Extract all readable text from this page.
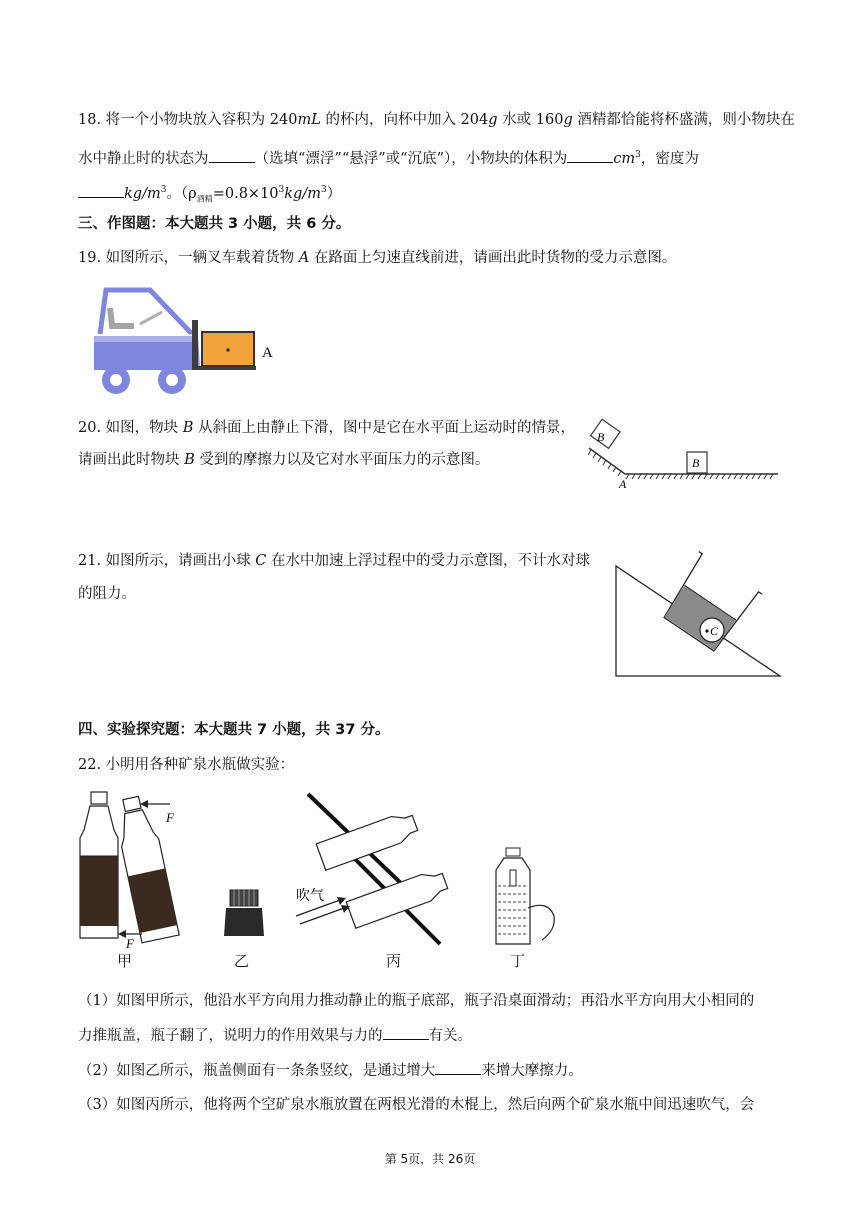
18. 将一个小物块放入容积为 240mL 的杯内，向杯中加入 204g 水或 160g 酒精都恰能将杯盛满，则小物块在
水中静止时的状态为	（选填“漂浮”“悬浮”或“沉底”），小物块的体积为	$cm^3$，密度为
$kg/m^3$。$(\rho_{酒精}=0.8\times 10^3kg/m^3)$
三、作图题：本大题共 3 小题，共 6 分。
19. 如图所示，一辆叉车载着货物 A 在路面上匀速直线前进，请画出此时货物的受力示意图。
A
20. 如图，物块 B 从斜面上由静止下滑，图中是它在水平面上运动时的情景，
请画出此时物块 B 受到的摩擦力以及它对水平面压力的示意图。
B
B
A
21. 如图所示，请画出小球 C 在水中加速上浮过程中的受力示意图，不计水对球
的阻力。
C
四、实验探究题：本大题共 7 小题，共 37 分。
22. 小明用各种矿泉水瓶做实验：
F
F
吹气
甲	乙	丙	丁
（1）如图甲所示，他沿水平方向用力推动静止的瓶子底部，瓶子沿桌面滑动；再沿水平方向用大小相同的
力推瓶盖，瓶子翻了，说明力的作用效果与力的	有关。
（2）如图乙所示，瓶盖侧面有一条条竖纹，是通过增大	来增大摩擦力。
（3）如图丙所示，他将两个空矿泉水瓶放置在两根光滑的木棍上，然后向两个矿泉水瓶中间迅速吹气，会
第 5页，共 26页
